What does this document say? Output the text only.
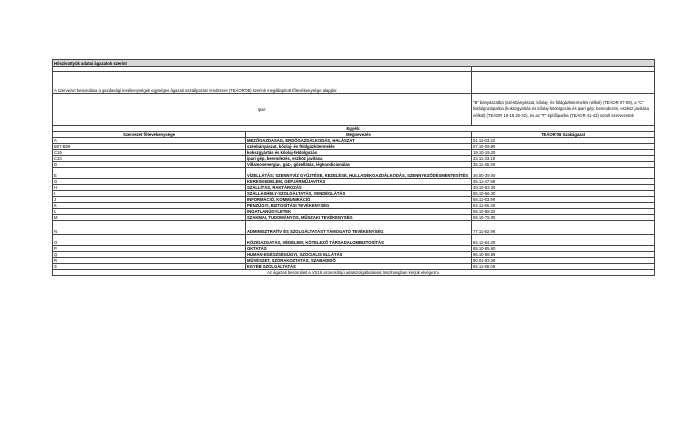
Hőszivattyúk adatai ágazatok szerint		

A szervezet besorolása a gazdasági tevékenységek egységes ágazati osztályozási rendszere (TEÁOR'08) szerinti megállapított főtevékenysége alapján:		
Ipar:		"B" bányászatba (szénbányászat, kőolaj- és földgázkitermelés nélkül) (TEÁOR 07-09), a "C" feldolgozóiparba (kokszgyártás és kőolaj-feldolgozás és ipari gép, berendezés, eszköz javítása nélkül) (TEÁOR 10-18,20-32), és az "F" építőiparba (TEÁOR 41-43) sorolt szervezetek
Egyéb:		
Szervezet főtevékenysége	Megnevezés	TEÁOR'08 Szakágazat
A	MEZŐGAZDASÁG, ERDŐGAZDÁLKODÁS, HALÁSZAT	01.11-03.22
B07-B09	szénbányászat, kőolaj- és földgázkitermelés	07.10-09.90
C19	kokszgyártás és kőolaj-feldolgozás	19.10-19.20
C33	ipari gép, berendezés, eszköz javítása	33.11-33.19
D	Villamosenergia-, gáz-, gőzellátás, légkondicionálás	35.11-35.30
E	VÍZELLÁTÁS; SZENNYVÍZ GYŰJTÉSE, KEZELÉSE, HULLADÉKGAZDÁLKODÁS, SZENNYEZŐDÉSMENTESÍTÉS	36.00-39.00
G	KERESKEDELEM, GÉPJÁRMŰJAVÍTÁS	45.11-47.99
H	SZÁLLÍTÁS, RAKTÁROZÁS	49.10-53.20
I	SZÁLLÁSHELY-SZOLGÁLTATÁS, VENDÉGLÁTÁS	55.10-56.30
J	INFORMÁCIÓ, KOMMUNIKÁCIÓ	58.11-63.99
K	PÉNZÜGYI, BIZTOSÍTÁSI TEVÉKENYSÉG	64.11-66.30
L	INGATLANÜGYLETEK	68.10-68.32
M	SZAKMAI, TUDOMÁNYOS, MŰSZAKI TEVÉKENYSÉG	69.10-75.00
N	ADMINISZTRATÍV ÉS SZOLGÁLTATÁST TÁMOGATÓ TEVÉKENYSÉG	77.11-82.99
O	KÖZIGAZGATÁS, VÉDELEM; KÖTELEZŐ TÁRSADALOMBIZTOSÍTÁS	84.11-84.30
P	OKTATÁS	85.10-85.60
Q	HUMÁN-EGÉSZSÉGÜGYI, SZOCIÁLIS ELLÁTÁS	86.10-88.99
R	MŰVÉSZET, SZÓRAKOZTATÁS, SZABADIDŐ	90.01-93.29
S	EGYÉB SZOLGÁLTATÁS	94.11-96.09
Az ágazati besorolást a VS16 azonosítójú adatszolgáltatással összhangban kérjük elvégezni.		
